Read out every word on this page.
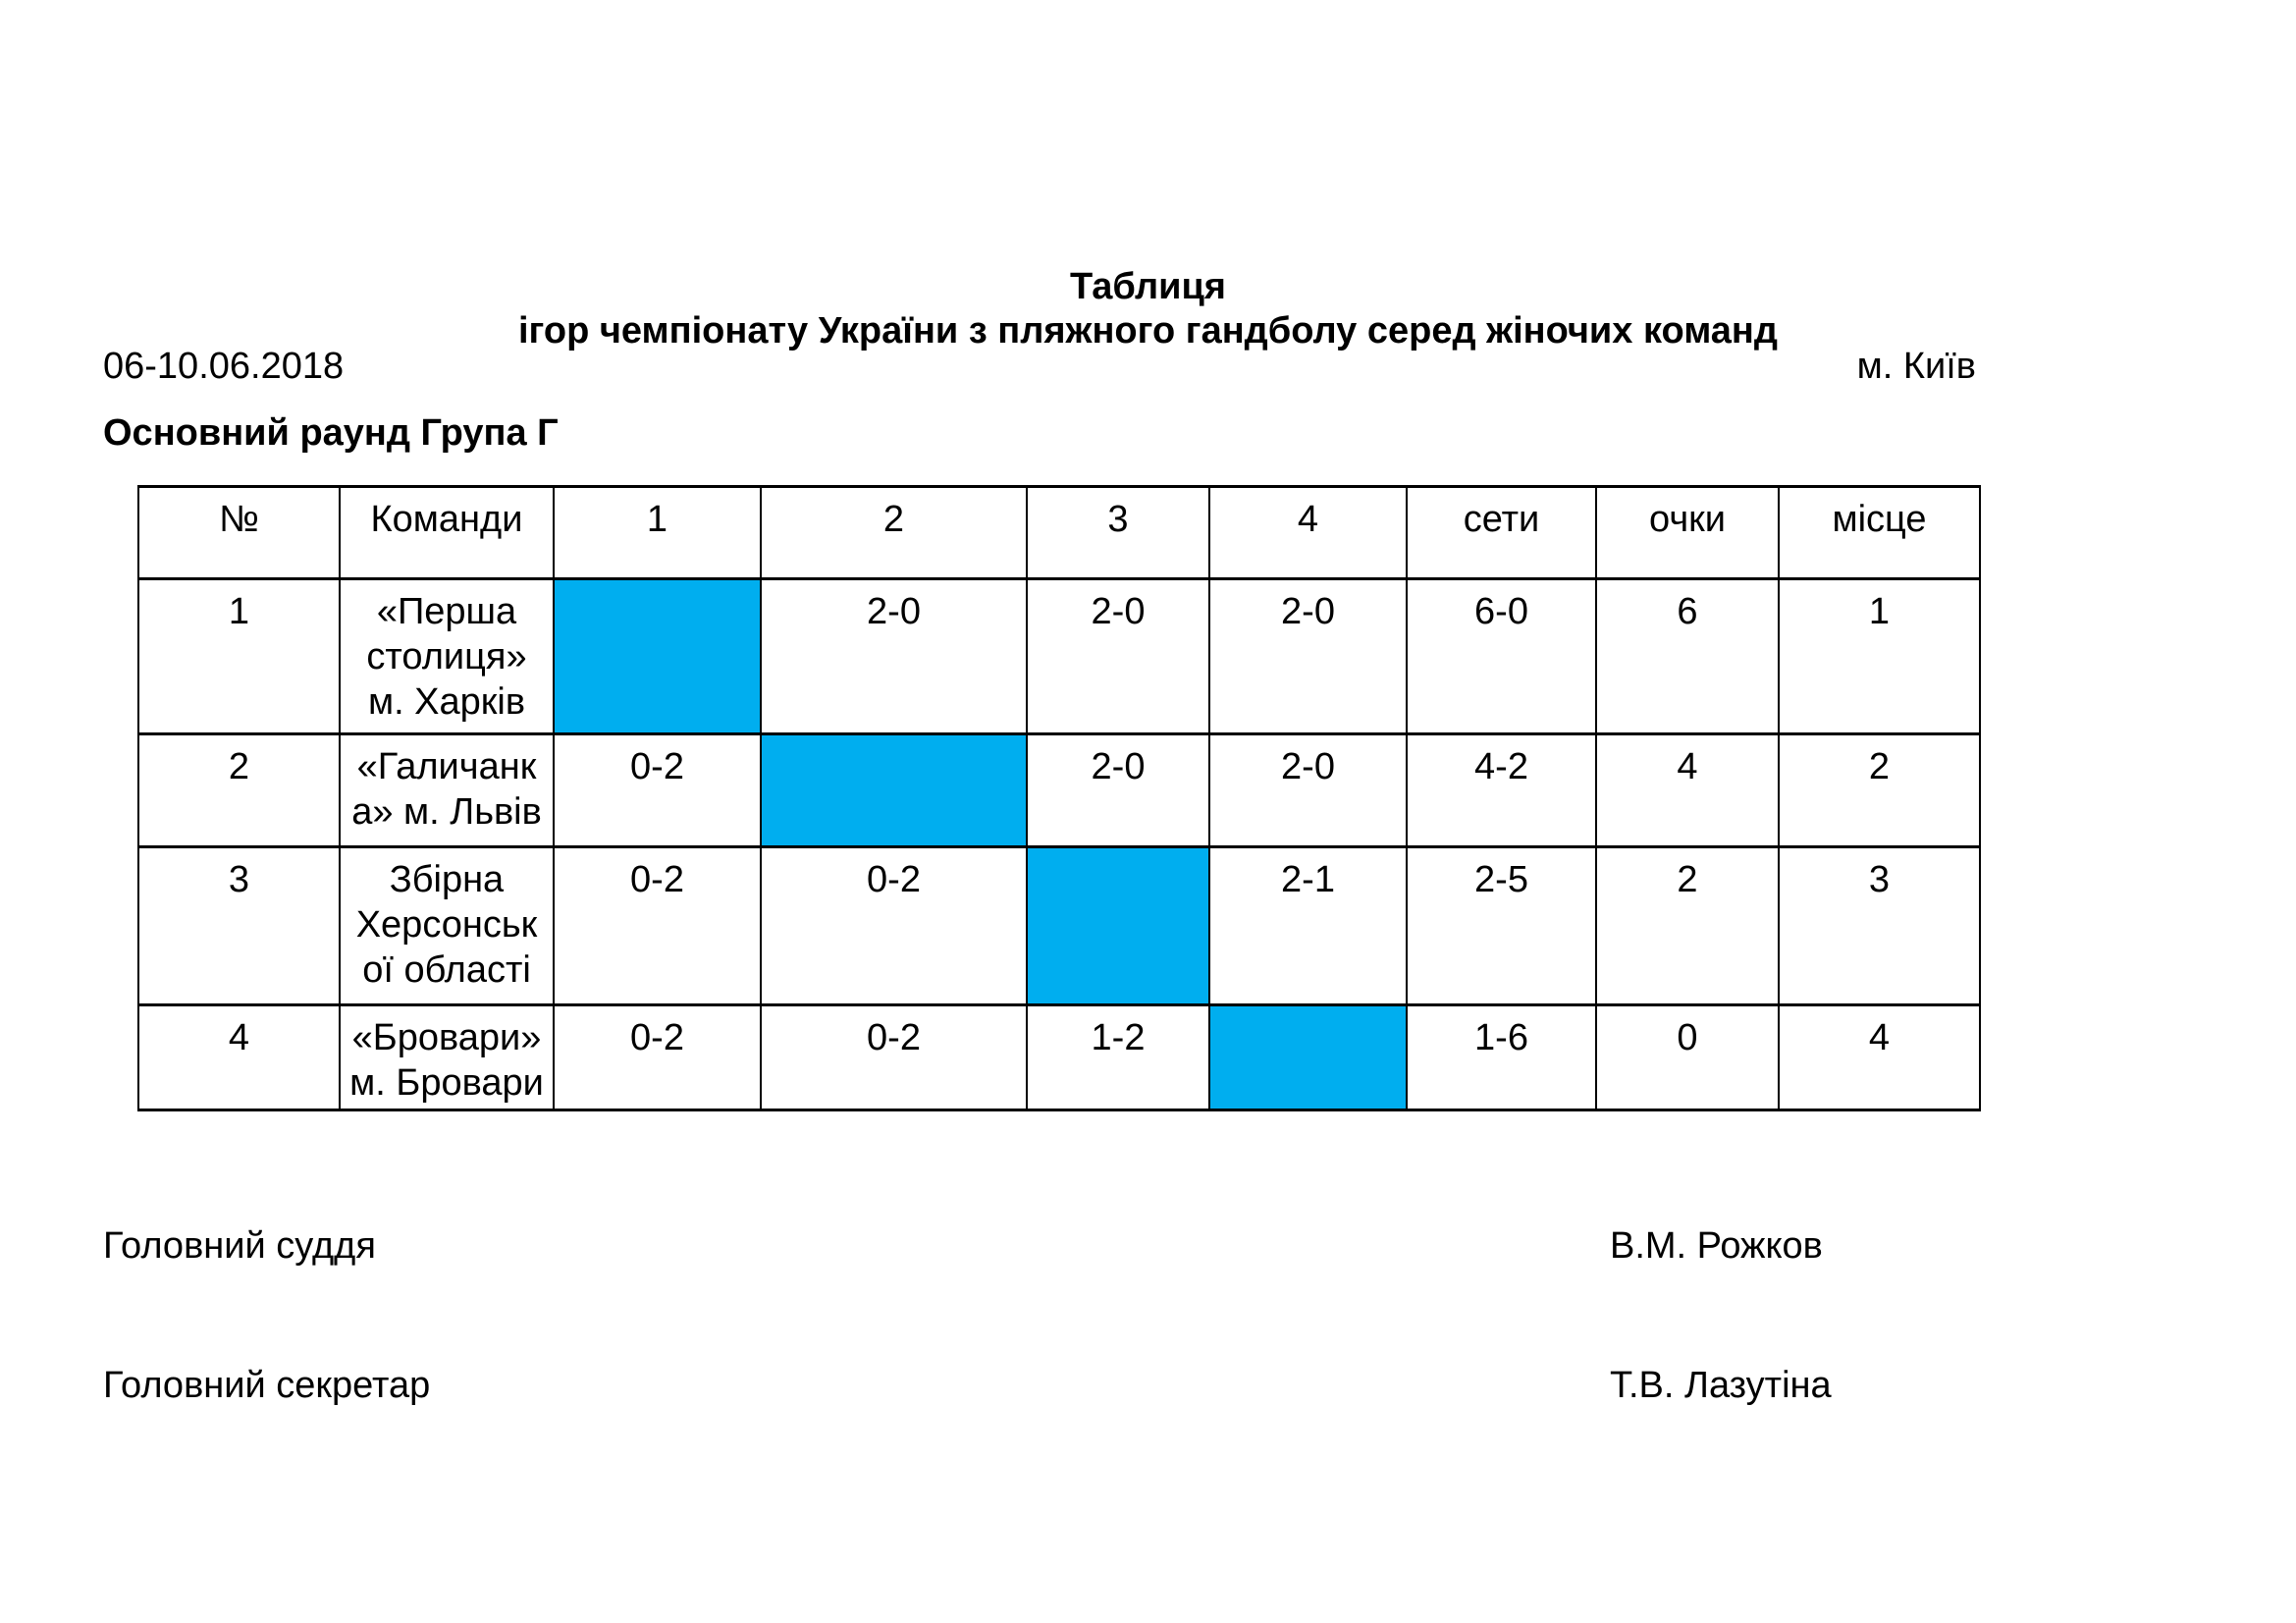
Таблиця
ігор чемпіонату України з пляжного гандболу серед жіночих команд
06-10.06.2018	м. Київ
Основний раунд Група Г
№	Команди	1	2	3	4	сети	очки	місце
1	«Перша столиця» м. Харків		2-0	2-0	2-0	6-0	6	1
2	«Галичанка» м. Львів	0-2		2-0	2-0	4-2	4	2
3	Збірна Херсонської області	0-2	0-2		2-1	2-5	2	3
4	«Бровари» м. Бровари	0-2	0-2	1-2		1-6	0	4
Головний суддя	В.М. Рожков
Головний секретар	Т.В. Лазутіна
